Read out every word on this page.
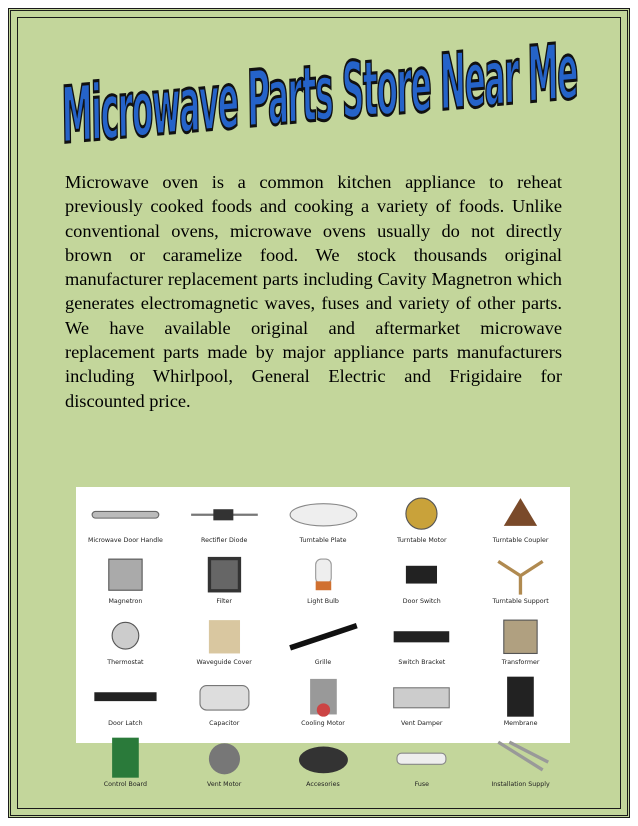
Microwave Parts Store Near Me

Microwave oven is a common kitchen appliance to reheat previously cooked foods and cooking a variety of foods. Unlike conventional ovens, microwave ovens usually do not directly brown or caramelize food. We stock thousands original manufacturer replacement parts including Cavity Magnetron which generates electromagnetic waves, fuses and variety of other parts. We have available original and aftermarket microwave replacement parts made by major appliance parts manufacturers including Whirlpool, General Electric and Frigidaire for discounted price.

Microwave Door Handle	Rectifier Diode	Turntable Plate	Turntable Motor	Turntable Coupler
Magnetron	Filter	Light Bulb	Door Switch	Turntable Support
Thermostat	Waveguide Cover	Grille	Switch Bracket	Transformer
Door Latch	Capacitor	Cooling Motor	Vent Damper	Membrane
Control Board	Vent Motor	Accesories	Fuse	Installation Supply
